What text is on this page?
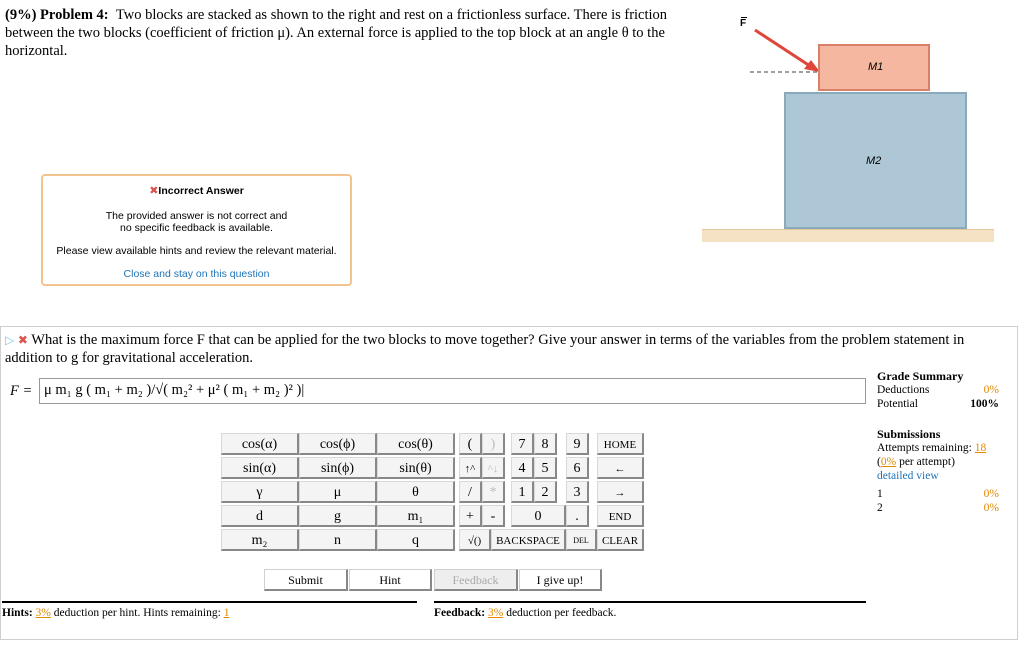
(9%) Problem 4: Two blocks are stacked as shown to the right and rest on a frictionless surface. There is friction between the two blocks (coefficient of friction μ). An external force is applied to the top block at an angle θ to the horizontal.
F
M1
M2
✖Incorrect Answer
The provided answer is not correct and
no specific feedback is available.
Please view available hints and review the relevant material.
Close and stay on this question
▷ ✖ What is the maximum force F that can be applied for the two blocks to move together? Give your answer in terms of the variables from the problem statement in addition to g for gravitational acceleration.
F = μ m₁ g ( m₁ + m₂ )/√( m₂² + μ² ( m₁ + m₂ )² )|
cos(α)	cos(ϕ)	cos(θ)
sin(α)	sin(ϕ)	sin(θ)
γ	μ	θ
d	g	m₁
m₂	n	q
(	)
↑^	^↓
/	*
+	-
√()
7	8	9
4	5	6
1	2	3
0	.
HOME
←
→
END
BACKSPACE	DEL	CLEAR
Submit	Hint	Feedback	I give up!
Hints: 3% deduction per hint. Hints remaining: 1	Feedback: 3% deduction per feedback.
Grade Summary
Deductions	0%
Potential	100%
Submissions
Attempts remaining: 18
(0% per attempt)
detailed view
1	0%
2	0%
